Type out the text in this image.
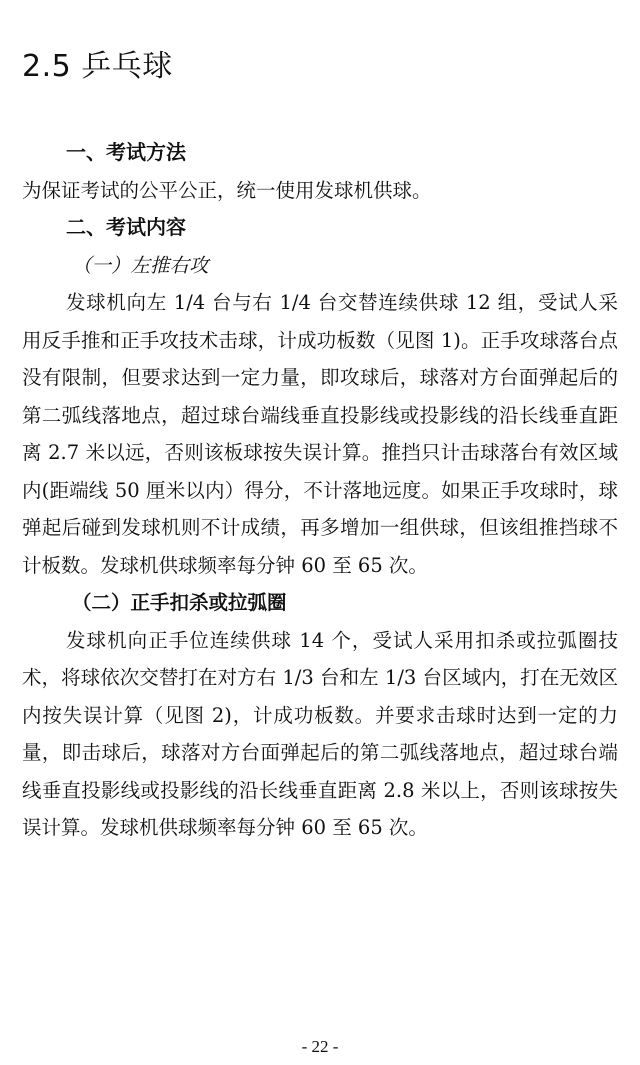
2.5 乒乓球

一、考试方法

为保证考试的公平公正，统一使用发球机供球。

二、考试内容

（一）左推右攻

发球机向左 1/4 台与右 1/4 台交替连续供球 12 组，受试人采用反手推和正手攻技术击球，计成功板数（见图 1)。正手攻球落台点没有限制，但要求达到一定力量，即攻球后，球落对方台面弹起后的第二弧线落地点，超过球台端线垂直投影线或投影线的沿长线垂直距离 2.7 米以远，否则该板球按失误计算。推挡只计击球落台有效区域内(距端线 50 厘米以内）得分，不计落地远度。如果正手攻球时，球弹起后碰到发球机则不计成绩，再多增加一组供球，但该组推挡球不计板数。发球机供球频率每分钟 60 至 65 次。

（二）正手扣杀或拉弧圈

发球机向正手位连续供球 14 个，受试人采用扣杀或拉弧圈技术，将球依次交替打在对方右 1/3 台和左 1/3 台区域内，打在无效区内按失误计算（见图 2)，计成功板数。并要求击球时达到一定的力量，即击球后，球落对方台面弹起后的第二弧线落地点，超过球台端线垂直投影线或投影线的沿长线垂直距离 2.8 米以上，否则该球按失误计算。发球机供球频率每分钟 60 至 65 次。

- 22 -
